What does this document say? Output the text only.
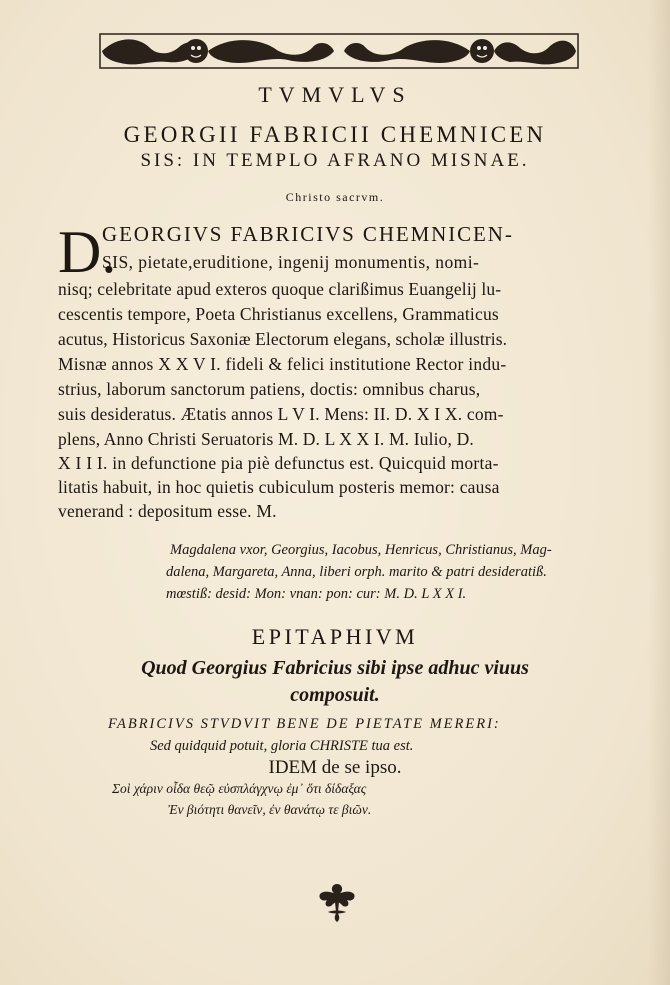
TVMVLVS
GEORGII FABRICII CHEMNICEN
SIS: IN TEMPLO AFRANO MISNAE.
Christo sacrvm.
D.
GEORGIVS FABRICIVS CHEMNICEN-
SIS, pietate,eruditione, ingenij monumentis, nomi-
nisq; celebritate apud exteros quoque clarißimus Euangelij lu-
cescentis tempore, Poeta Christianus excellens, Grammaticus
acutus, Historicus Saxoniæ Electorum elegans, scholæ illustris.
Misnæ annos X X V I. fideli & felici institutione Rector indu-
strius, laborum sanctorum patiens, doctis: omnibus charus,
suis desideratus. Ætatis annos L V I. Mens: II. D. X I X. com-
plens, Anno Christi Seruatoris M. D. L X X I. M. Iulio, D.
X I I I. in defunctione pia piè defunctus est. Quicquid morta-
litatis habuit, in hoc quietis cubiculum posteris memor: causa
venerand : depositum esse. M.
Magdalena vxor, Georgius, Iacobus, Henricus, Christianus, Mag-
dalena, Margareta, Anna, liberi orph. marito & patri desideratiß.
mœstiß: desid: Mon: vnan: pon: cur: M. D. L X X I.
EPITAPHIVM
Quod Georgius Fabricius sibi ipse adhuc viuus
composuit.
FABRICIVS STVDVIT BENE DE PIETATE MERERI:
Sed quidquid potuit, gloria CHRISTE tua est.
IDEM de se ipso.
Σοὶ χάριν οἶδα θεῷ εὐσπλάγχνῳ ἐμ᾽ ὅτι δίδαξας
Ἐν βιότητι θανεῖν, ἐν θανάτῳ τε βιῶν.
